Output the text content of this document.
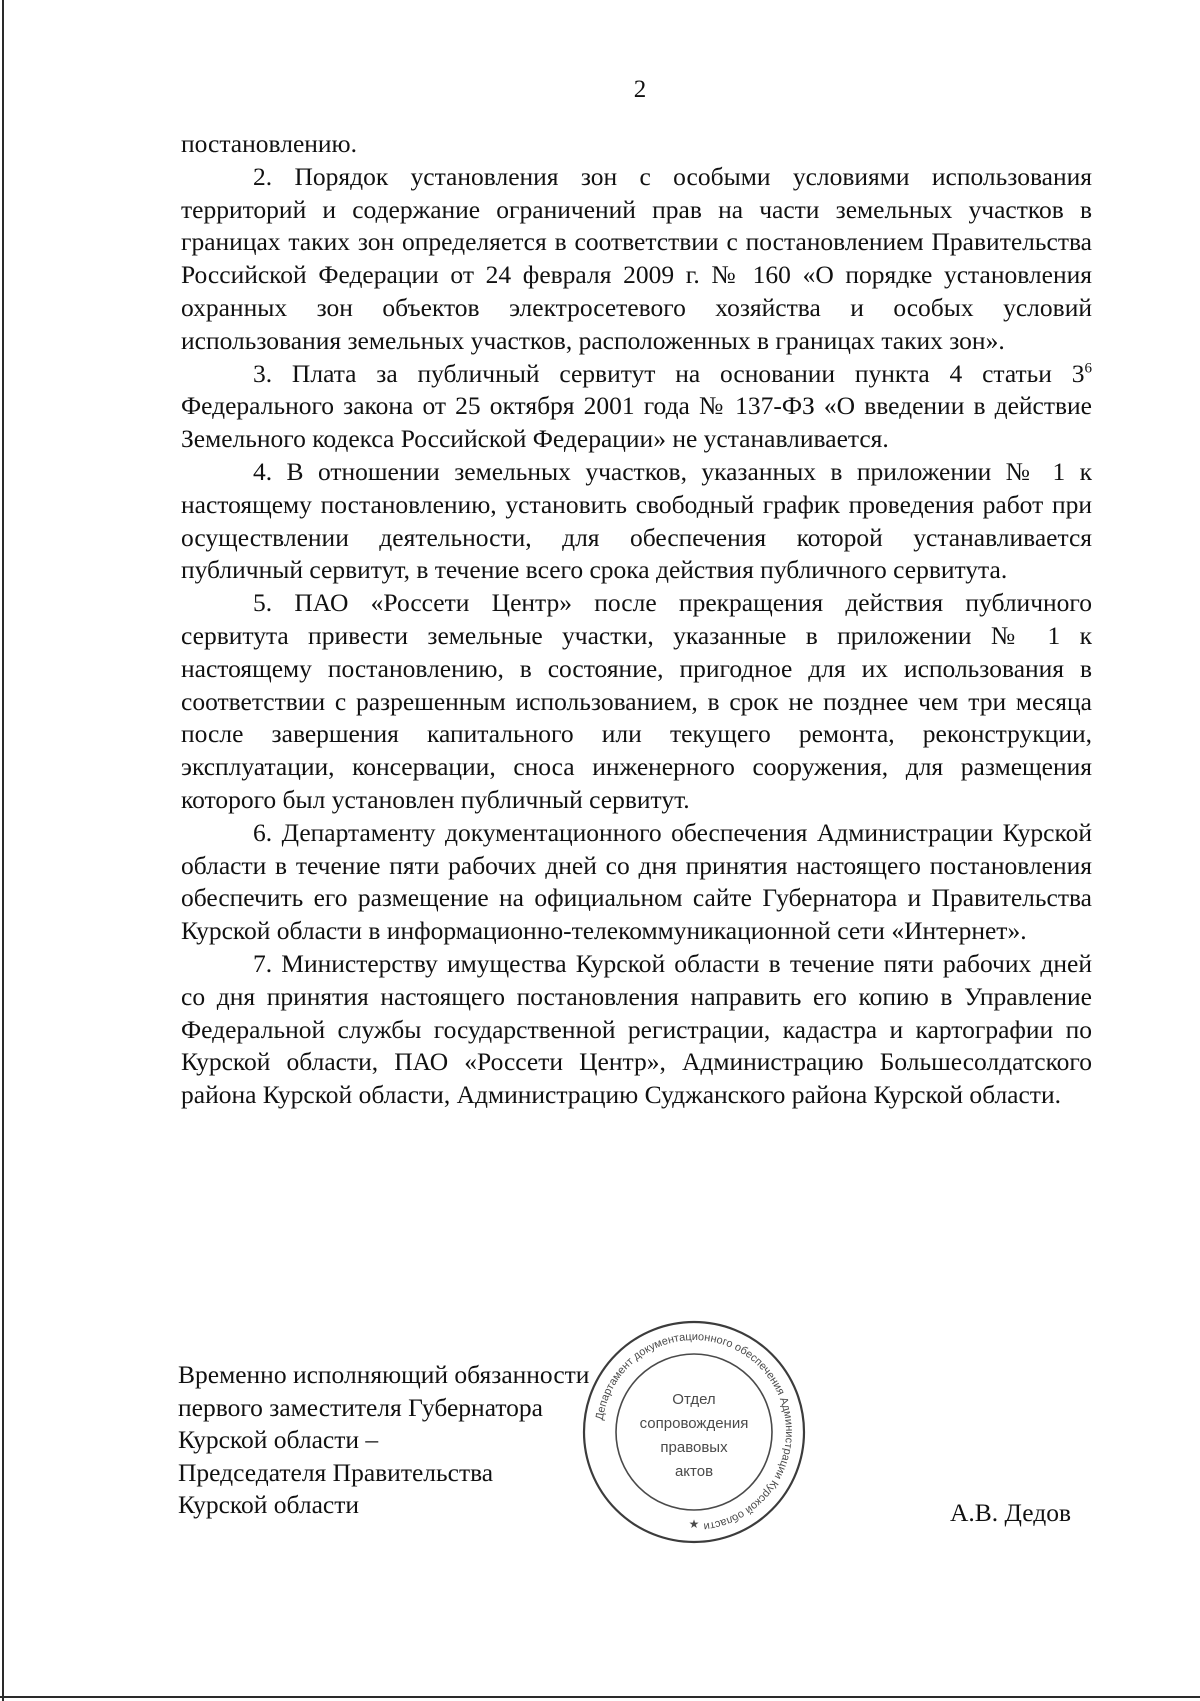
2

постановлению.

2. Порядок установления зон с особыми условиями использования территорий и содержание ограничений прав на части земельных участков в границах таких зон определяется в соответствии с постановлением Правительства Российской Федерации от 24 февраля 2009 г. № 160 «О порядке установления охранных зон объектов электросетевого хозяйства и особых условий использования земельных участков, расположенных в границах таких зон».

3. Плата за публичный сервитут на основании пункта 4 статьи $3^6$ Федерального закона от 25 октября 2001 года № 137-ФЗ «О введении в действие Земельного кодекса Российской Федерации» не устанавливается.

4. В отношении земельных участков, указанных в приложении № 1 к настоящему постановлению, установить свободный график проведения работ при осуществлении деятельности, для обеспечения которой устанавливается публичный сервитут, в течение всего срока действия публичного сервитута.

5. ПАО «Россети Центр» после прекращения действия публичного сервитута привести земельные участки, указанные в приложении № 1 к настоящему постановлению, в состояние, пригодное для их использования в соответствии с разрешенным использованием, в срок не позднее чем три месяца после завершения капитального или текущего ремонта, реконструкции, эксплуатации, консервации, сноса инженерного сооружения, для размещения которого был установлен публичный сервитут.

6. Департаменту документационного обеспечения Администрации Курской области в течение пяти рабочих дней со дня принятия настоящего постановления обеспечить его размещение на официальном сайте Губернатора и Правительства Курской области в информационно-телекоммуникационной сети «Интернет».

7. Министерству имущества Курской области в течение пяти рабочих дней со дня принятия настоящего постановления направить его копию в Управление Федеральной службы государственной регистрации, кадастра и картографии по Курской области, ПАО «Россети Центр», Администрацию Большесолдатского района Курской области, Администрацию Суджанского района Курской области.

Временно исполняющий обязанности
первого заместителя Губернатора
Курской области –
Председателя Правительства
Курской области	А.В. Дедов
Департамент документационного обеспечения Администрации Курской области
★
Отдел
сопровождения
правовых
актов
